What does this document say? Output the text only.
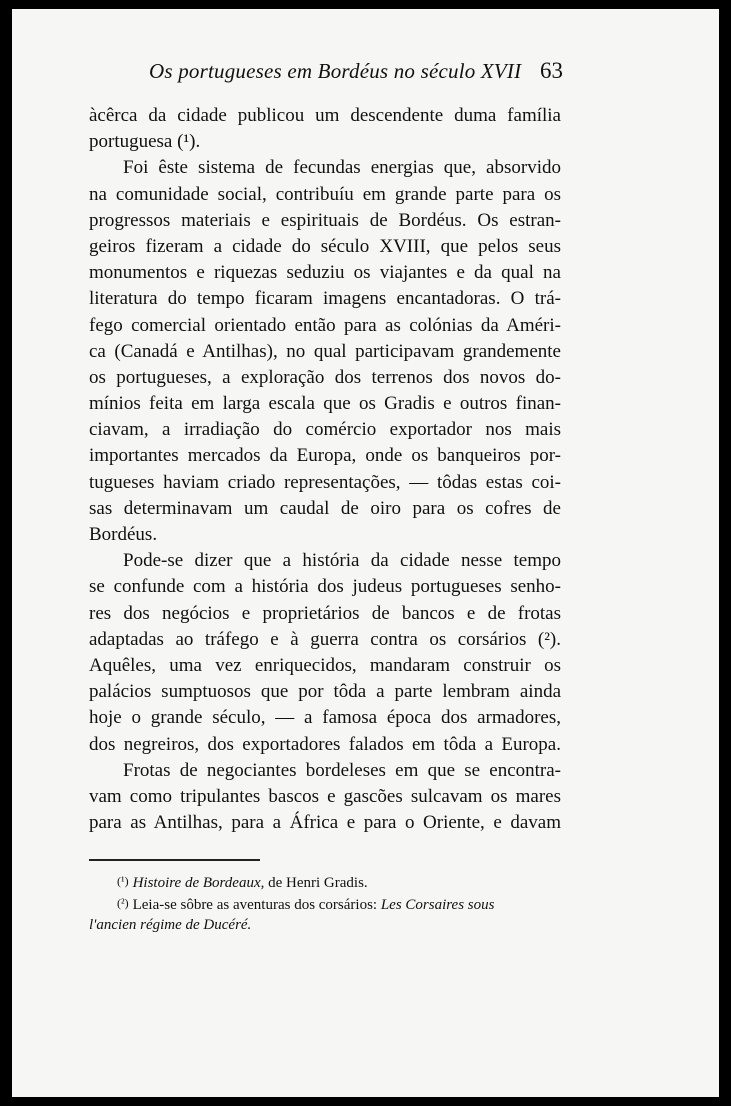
Os portugueses em Bordéus no século XVII 63
àcêrca da cidade publicou um descendente duma família
portuguesa (¹).
Foi êste sistema de fecundas energias que, absorvido
na comunidade social, contribuíu em grande parte para os
progressos materiais e espirituais de Bordéus. Os estran-
geiros fizeram a cidade do século XVIII, que pelos seus
monumentos e riquezas seduziu os viajantes e da qual na
literatura do tempo ficaram imagens encantadoras. O trá-
fego comercial orientado então para as colónias da Améri-
ca (Canadá e Antilhas), no qual participavam grandemente
os portugueses, a exploração dos terrenos dos novos do-
mínios feita em larga escala que os Gradis e outros finan-
ciavam, a irradiação do comércio exportador nos mais
importantes mercados da Europa, onde os banqueiros por-
tugueses haviam criado representações, — tôdas estas coi-
sas determinavam um caudal de oiro para os cofres de
Bordéus.
Pode-se dizer que a história da cidade nesse tempo
se confunde com a história dos judeus portugueses senho-
res dos negócios e proprietários de bancos e de frotas
adaptadas ao tráfego e à guerra contra os corsários (²).
Aquêles, uma vez enriquecidos, mandaram construir os
palácios sumptuosos que por tôda a parte lembram ainda
hoje o grande século, — a famosa época dos armadores,
dos negreiros, dos exportadores falados em tôda a Europa.
Frotas de negociantes bordeleses em que se encontra-
vam como tripulantes bascos e gascões sulcavam os mares
para as Antilhas, para a África e para o Oriente, e davam
(¹) Histoire de Bordeaux, de Henri Gradis.
(²) Leia-se sôbre as aventuras dos corsários: Les Corsaires sous
l'ancien régime de Ducéré.
